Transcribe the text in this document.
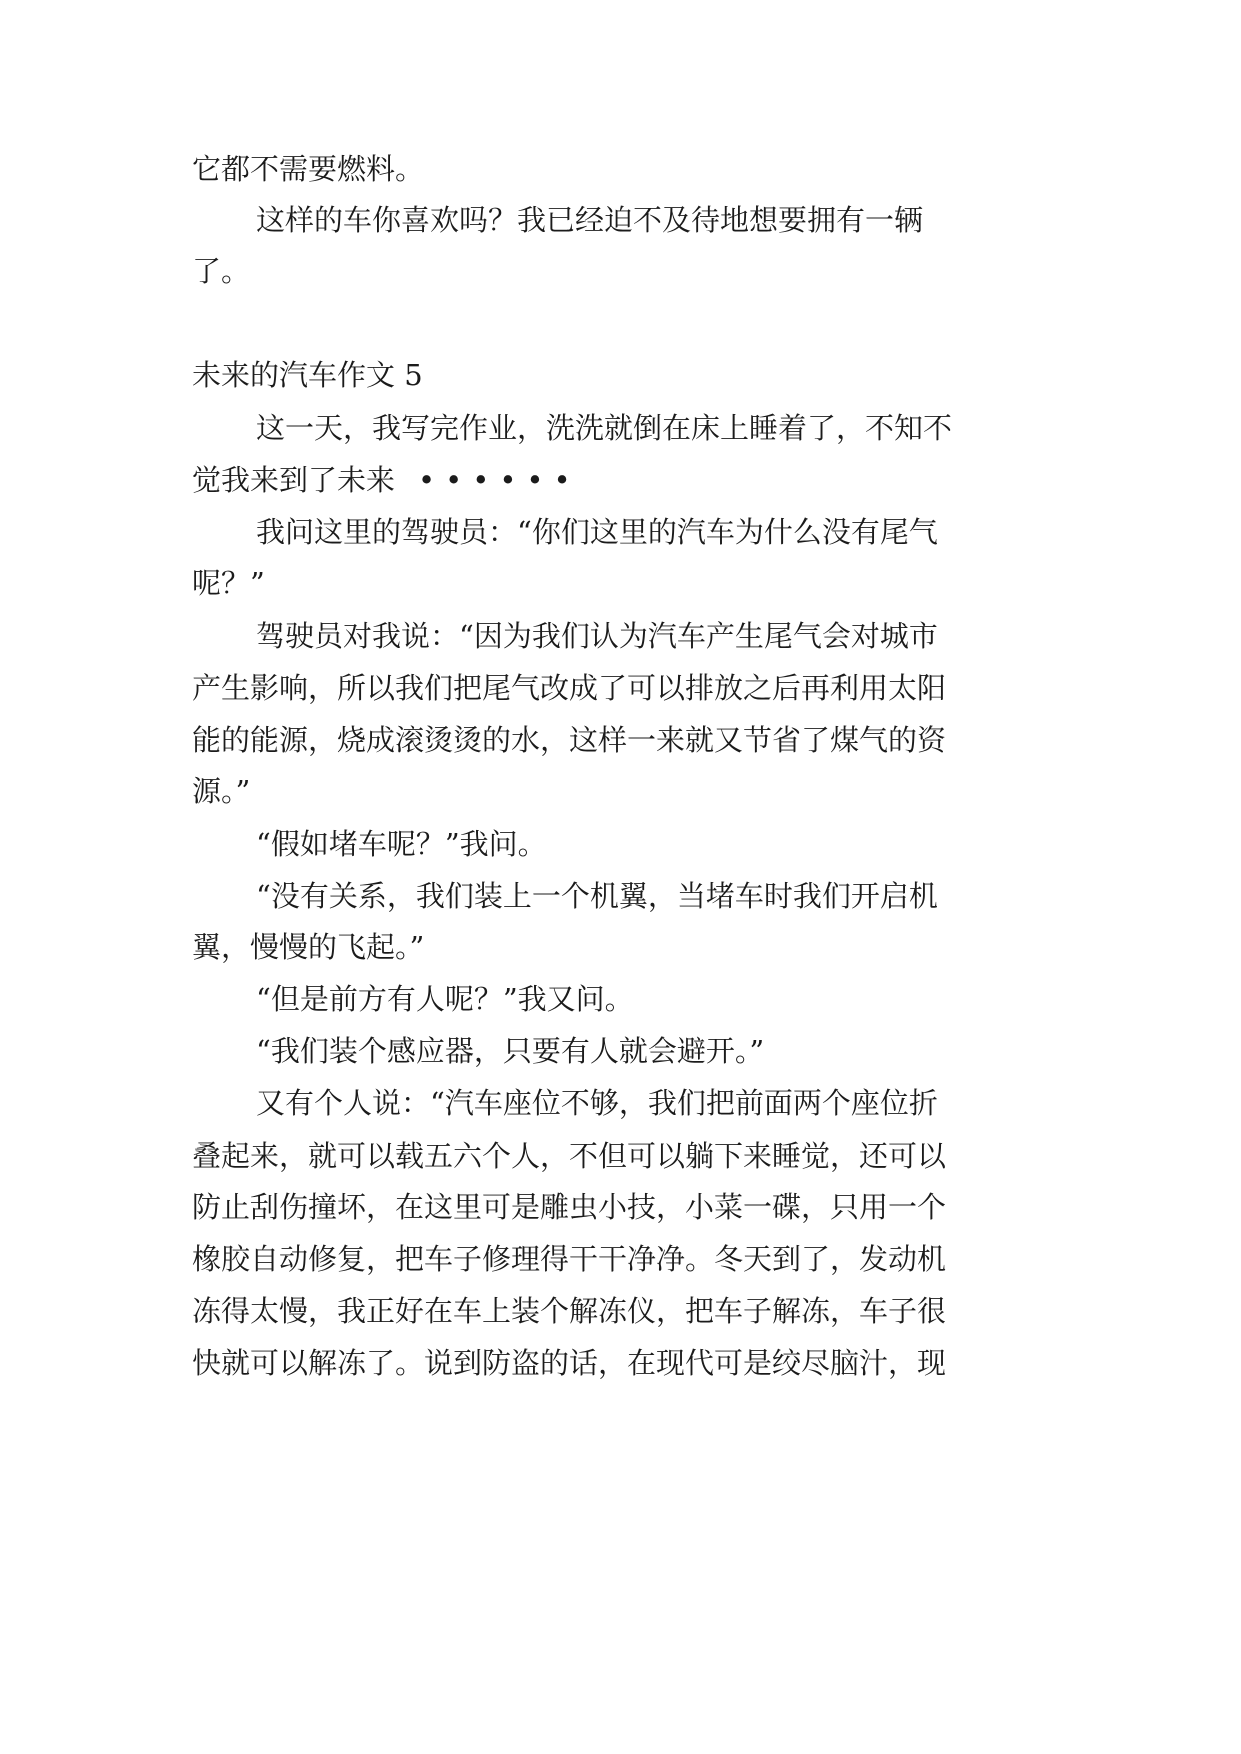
它都不需要燃料。

这样的车你喜欢吗？我已经迫不及待地想要拥有一辆

了。

未来的汽车作文 5

这一天，我写完作业，洗洗就倒在床上睡着了，不知不

觉我来到了未来

••••••

我问这里的驾驶员：“你们这里的汽车为什么没有尾气

呢？”

驾驶员对我说：“因为我们认为汽车产生尾气会对城市

产生影响，所以我们把尾气改成了可以排放之后再利用太阳

能的能源，烧成滚烫烫的水，这样一来就又节省了煤气的资

源。”

“假如堵车呢？”我问。

“没有关系，我们装上一个机翼，当堵车时我们开启机

翼，慢慢的飞起。”

“但是前方有人呢？”我又问。

“我们装个感应器，只要有人就会避开。”

又有个人说：“汽车座位不够，我们把前面两个座位折

叠起来，就可以载五六个人，不但可以躺下来睡觉，还可以

防止刮伤撞坏，在这里可是雕虫小技，小菜一碟，只用一个

橡胶自动修复，把车子修理得干干净净。冬天到了，发动机

冻得太慢，我正好在车上装个解冻仪，把车子解冻，车子很

快就可以解冻了。说到防盗的话，在现代可是绞尽脑汁，现
